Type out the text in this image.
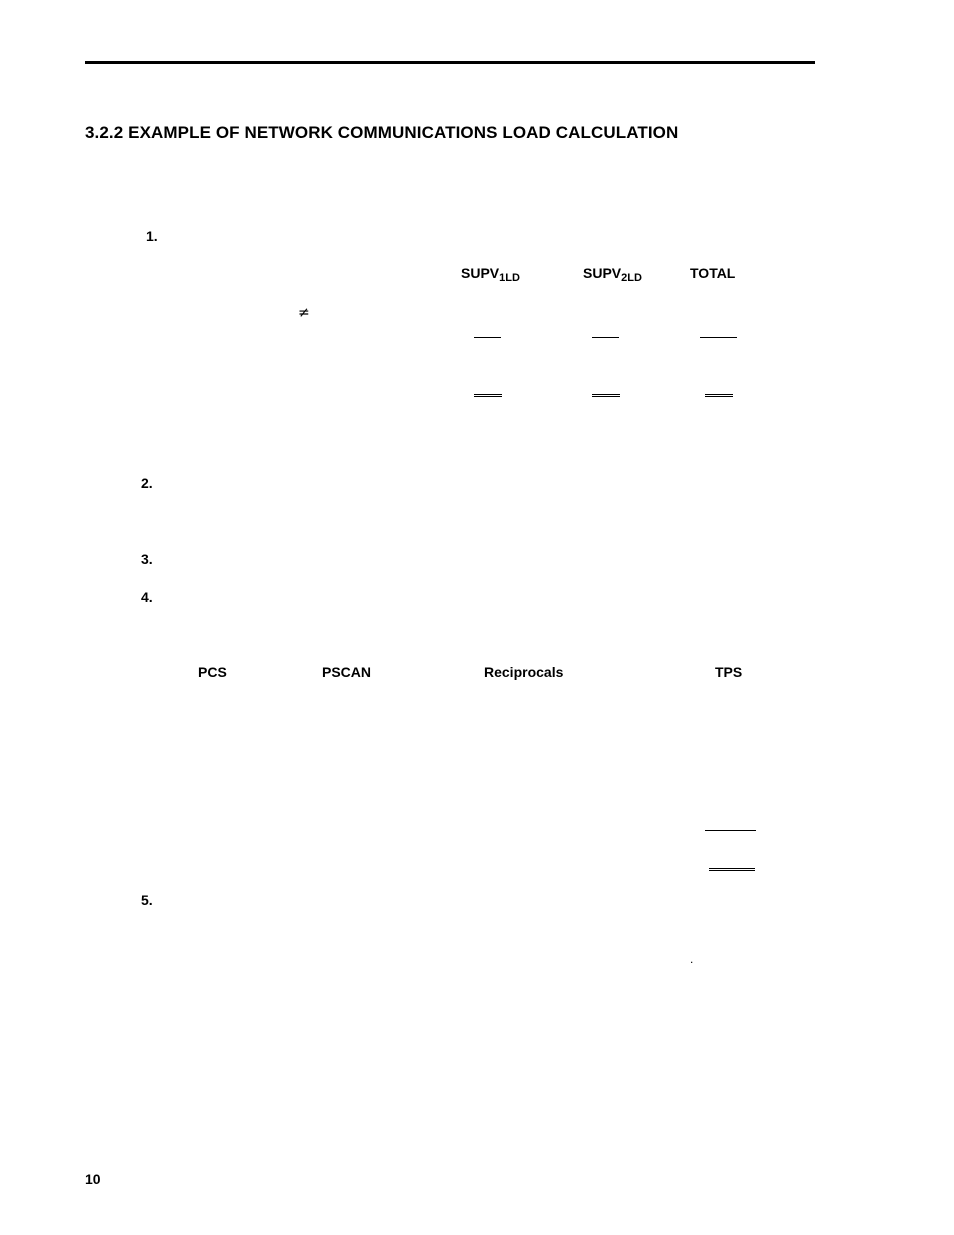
3.2.2 EXAMPLE OF NETWORK COMMUNICATIONS LOAD CALCULATION
1.
2.
3.
4.
5.
$SUPV_{1LD}$	$SUPV_{2LD}$	TOTAL
≠
PCS	PSCAN	Reciprocals	TPS
.
10
